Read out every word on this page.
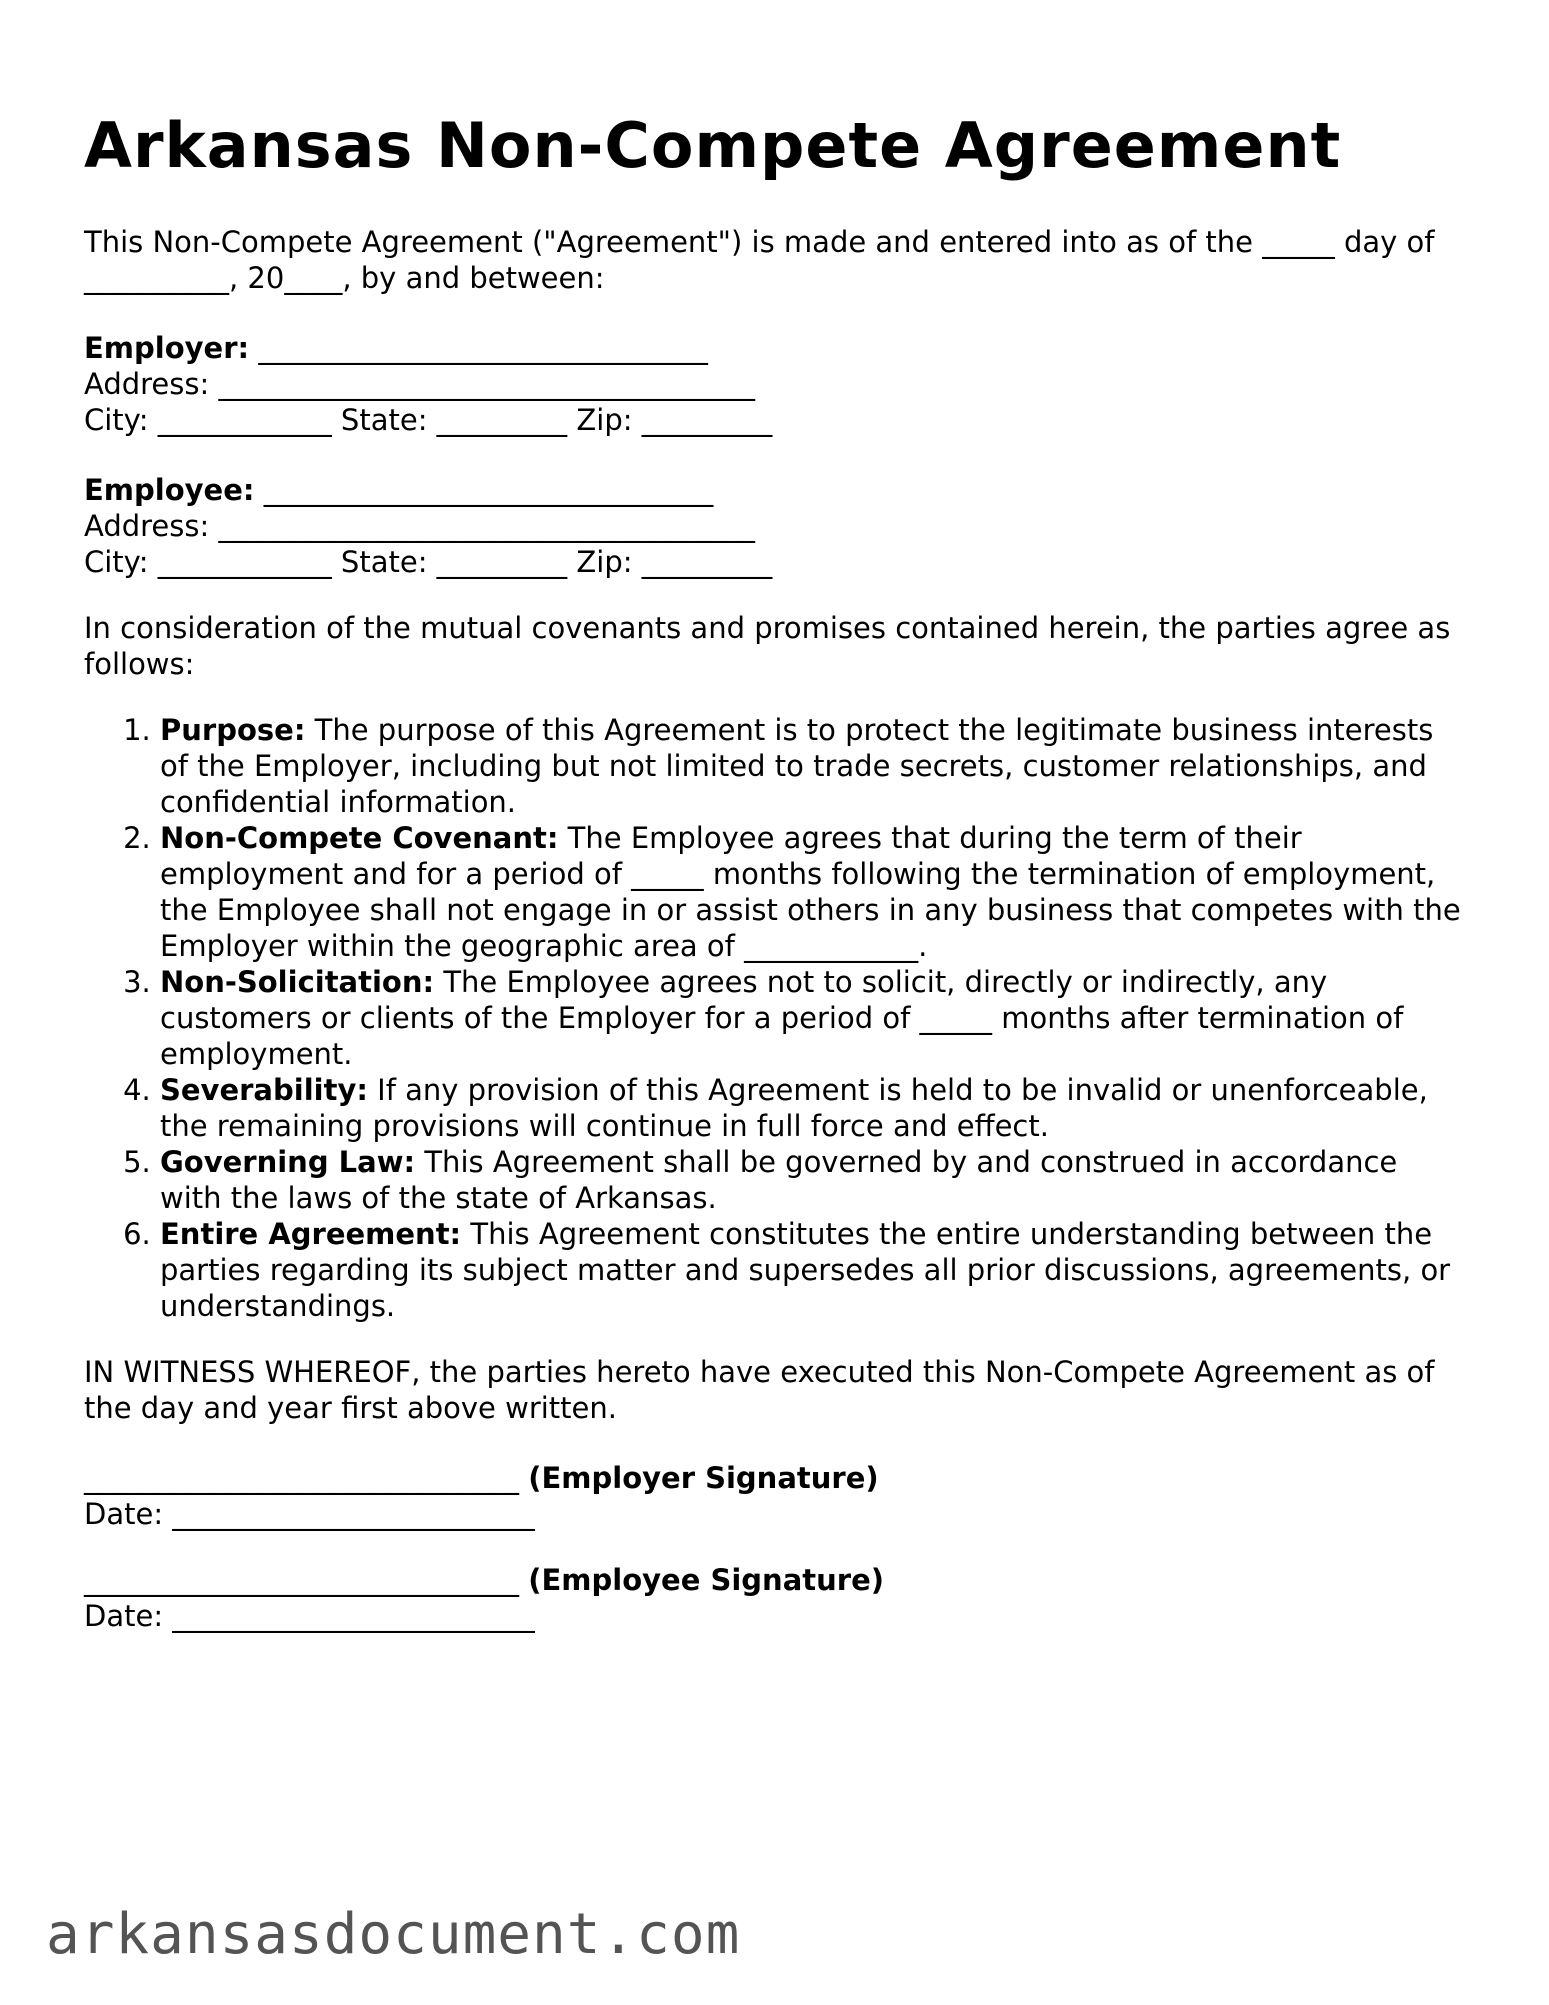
Arkansas Non-Compete Agreement

This Non-Compete Agreement ("Agreement") is made and entered into as of the _____ day of __________, 20____, by and between:

Employer: _______________________________
Address: _____________________________________
City: ____________ State: _________ Zip: _________
Employee: _______________________________
Address: _____________________________________
City: ____________ State: _________ Zip: _________

In consideration of the mutual covenants and promises contained herein, the parties agree as follows:

1. Purpose: The purpose of this Agreement is to protect the legitimate business interests of the Employer, including but not limited to trade secrets, customer relationships, and confidential information.
2. Non-Compete Covenant: The Employee agrees that during the term of their employment and for a period of _____ months following the termination of employment, the Employee shall not engage in or assist others in any business that competes with the Employer within the geographic area of ____________.
3. Non-Solicitation: The Employee agrees not to solicit, directly or indirectly, any customers or clients of the Employer for a period of _____ months after termination of employment.
4. Severability: If any provision of this Agreement is held to be invalid or unenforceable, the remaining provisions will continue in full force and effect.
5. Governing Law: This Agreement shall be governed by and construed in accordance with the laws of the state of Arkansas.
6. Entire Agreement: This Agreement constitutes the entire understanding between the parties regarding its subject matter and supersedes all prior discussions, agreements, or understandings.

IN WITNESS WHEREOF, the parties hereto have executed this Non-Compete Agreement as of the day and year first above written.

______________________________ (Employer Signature)
Date: _________________________
______________________________ (Employee Signature)
Date: _________________________
arkansasdocument.com
